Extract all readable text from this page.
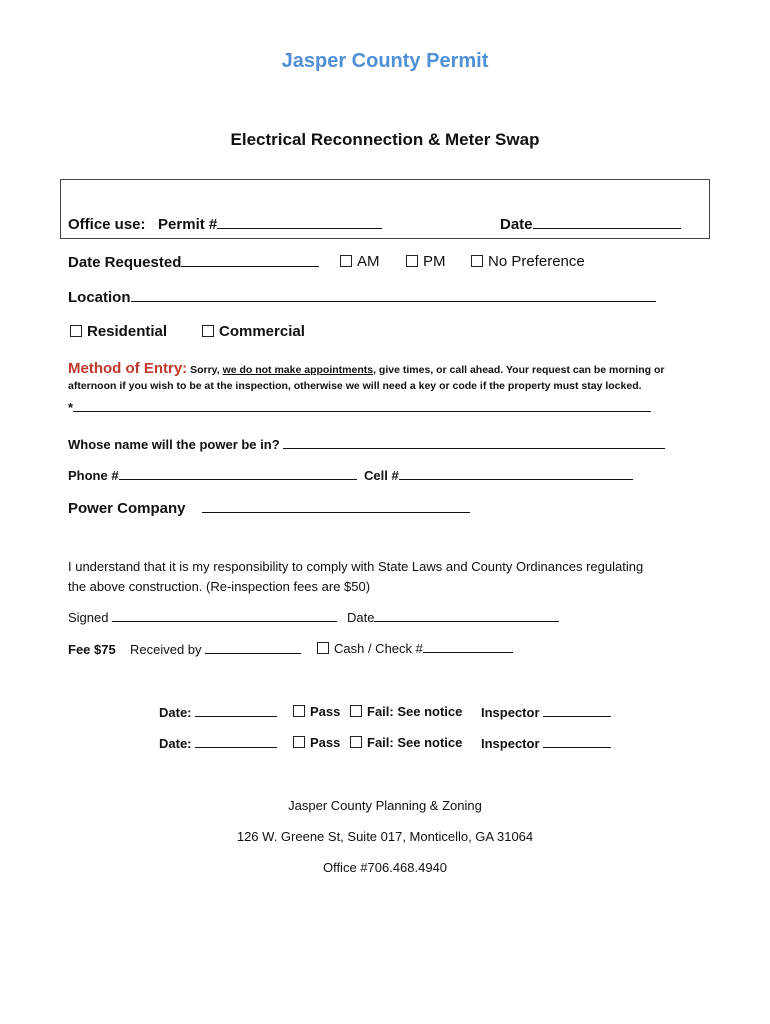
Jasper County Permit
Electrical Reconnection & Meter Swap
Office use: Permit #	Date
Date Requested	AM	PM	No Preference
Location
Residential	Commercial
Method of Entry: Sorry, we do not make appointments, give times, or call ahead. Your request can be morning or
afternoon if you wish to be at the inspection, otherwise we will need a key or code if the property must stay locked.
*
Whose name will the power be in?
Phone #	Cell #
Power Company
I understand that it is my responsibility to comply with State Laws and County Ordinances regulating
the above construction. (Re-inspection fees are $50)
Signed	Date
Fee $75 Received by	Cash / Check #
Date:	Pass	Fail: See notice Inspector
Date:	Pass	Fail: See notice Inspector
Jasper County Planning & Zoning
126 W. Greene St, Suite 017, Monticello, GA 31064
Office #706.468.4940
